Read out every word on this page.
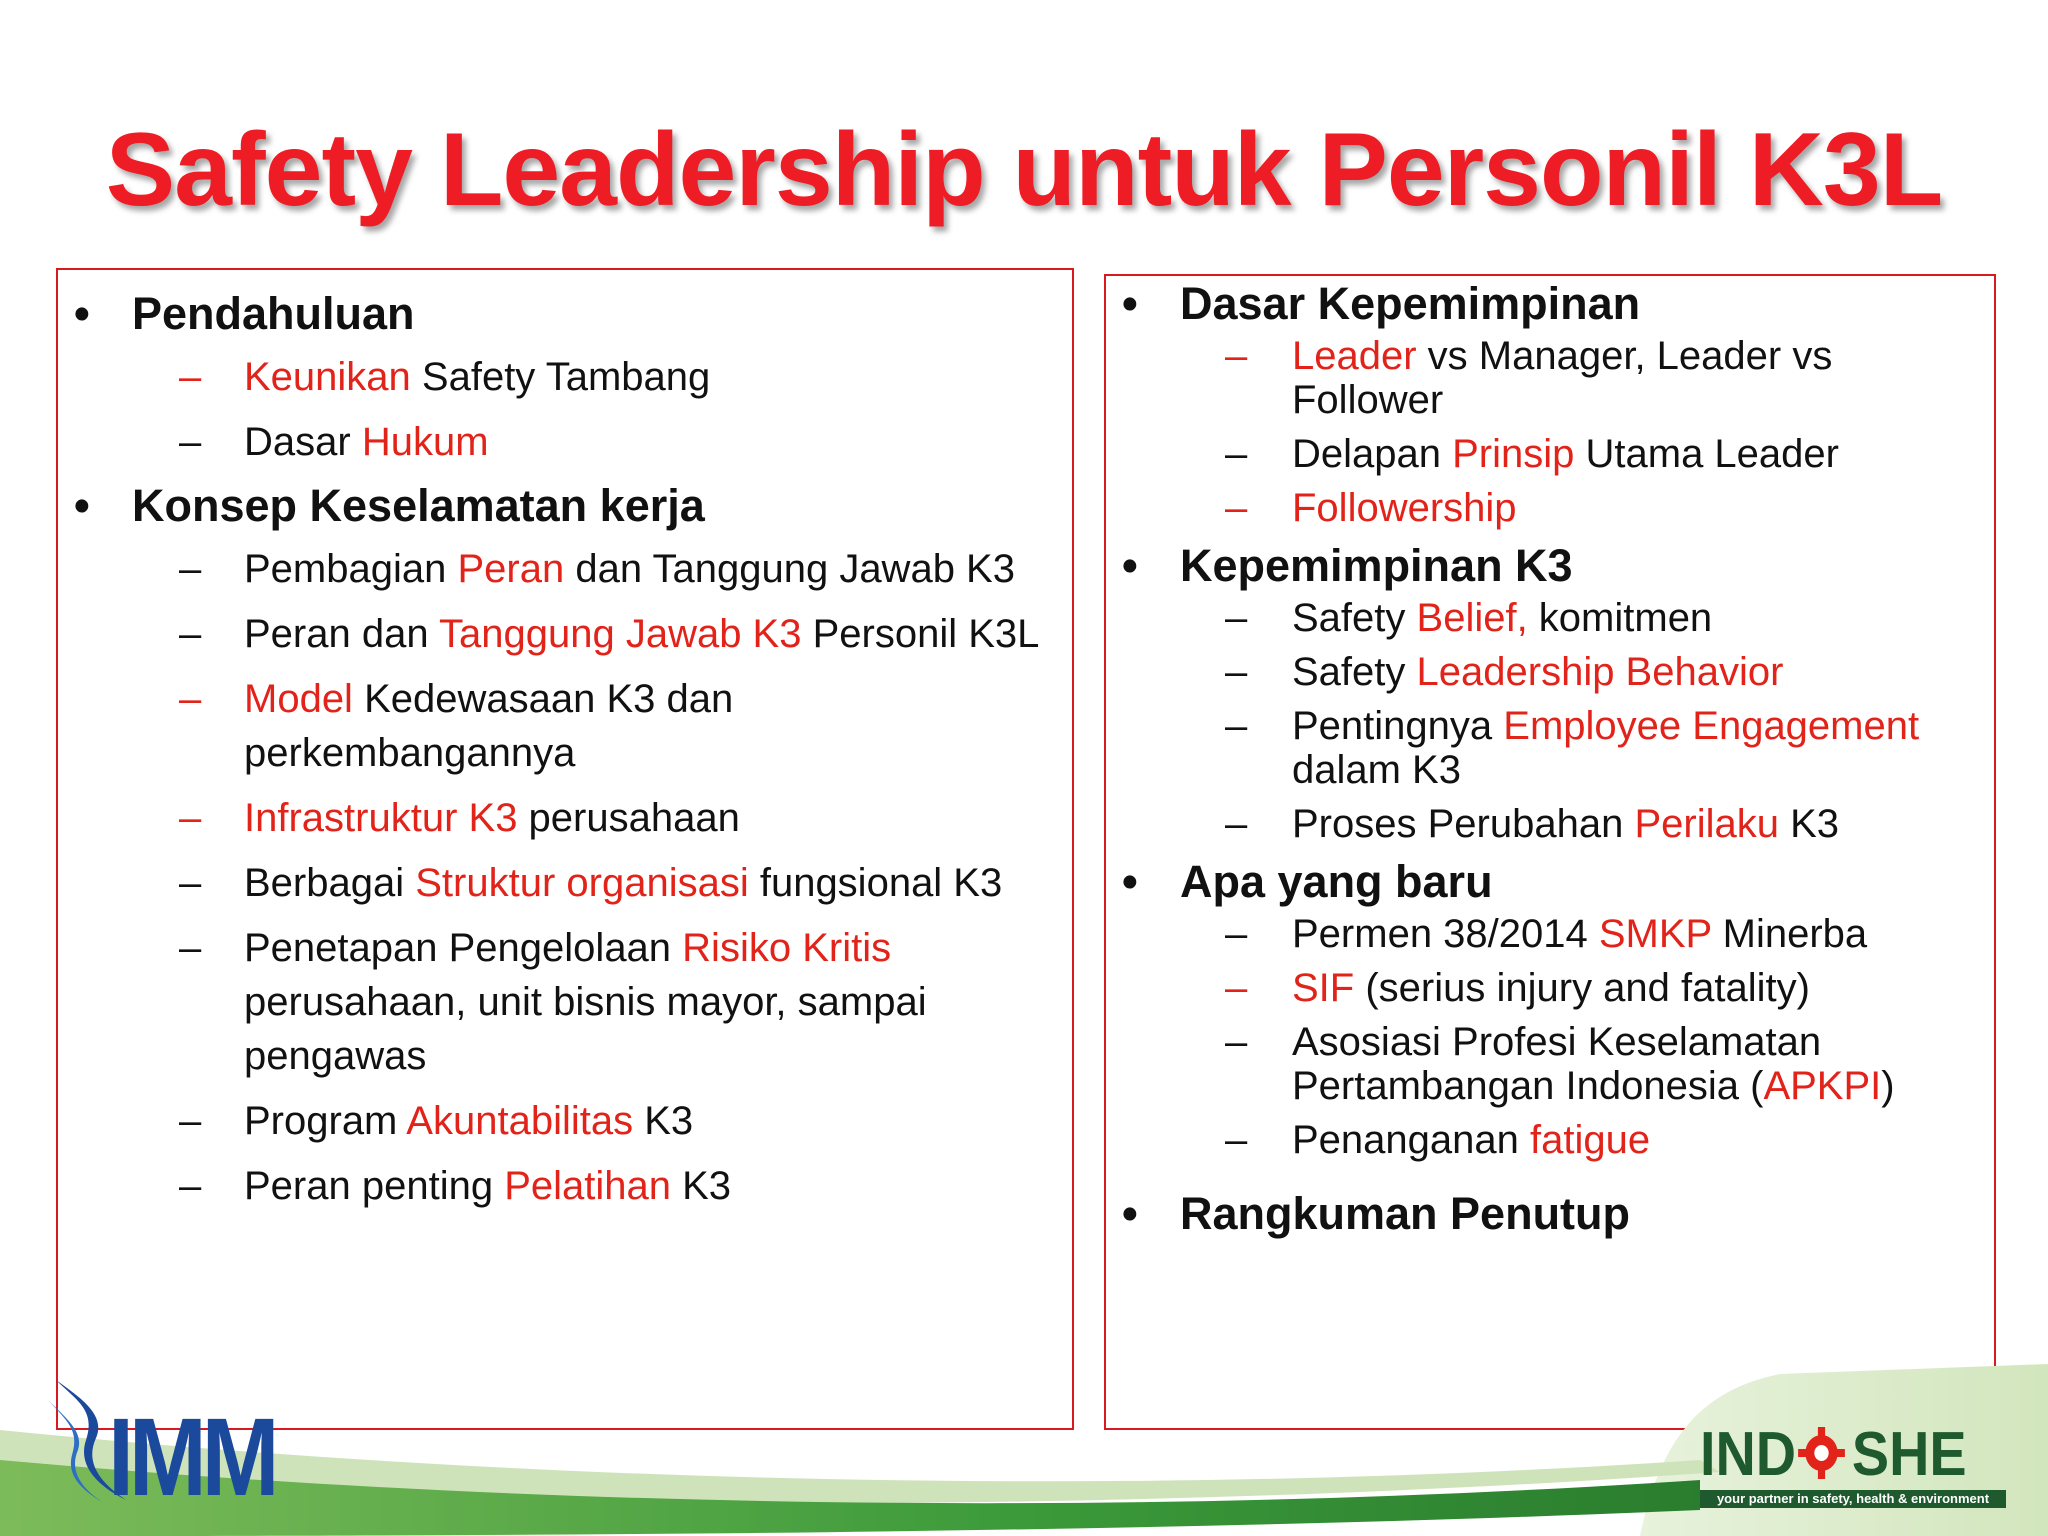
Safety Leadership untuk Personil K3L
• Pendahuluan
– Keunikan Safety Tambang
– Dasar Hukum
• Konsep Keselamatan kerja
– Pembagian Peran dan Tanggung Jawab K3
– Peran dan Tanggung Jawab K3 Personil K3L
– Model Kedewasaan K3 dan perkembangannya
– Infrastruktur K3 perusahaan
– Berbagai Struktur organisasi fungsional K3
– Penetapan Pengelolaan Risiko Kritis perusahaan, unit bisnis mayor, sampai pengawas
– Program Akuntabilitas K3
– Peran penting Pelatihan K3
• Dasar Kepemimpinan
– Leader vs Manager, Leader vs Follower
– Delapan Prinsip Utama Leader
– Followership
• Kepemimpinan K3
– Safety Belief, komitmen
– Safety Leadership Behavior
– Pentingnya Employee Engagement dalam K3
– Proses Perubahan Perilaku K3
• Apa yang baru
– Permen 38/2014 SMKP Minerba
– SIF (serius injury and fatality)
– Asosiasi Profesi Keselamatan Pertambangan Indonesia (APKPI)
– Penanganan fatigue
• Rangkuman Penutup
IMM	IND SHE
your partner in safety, health & environment
